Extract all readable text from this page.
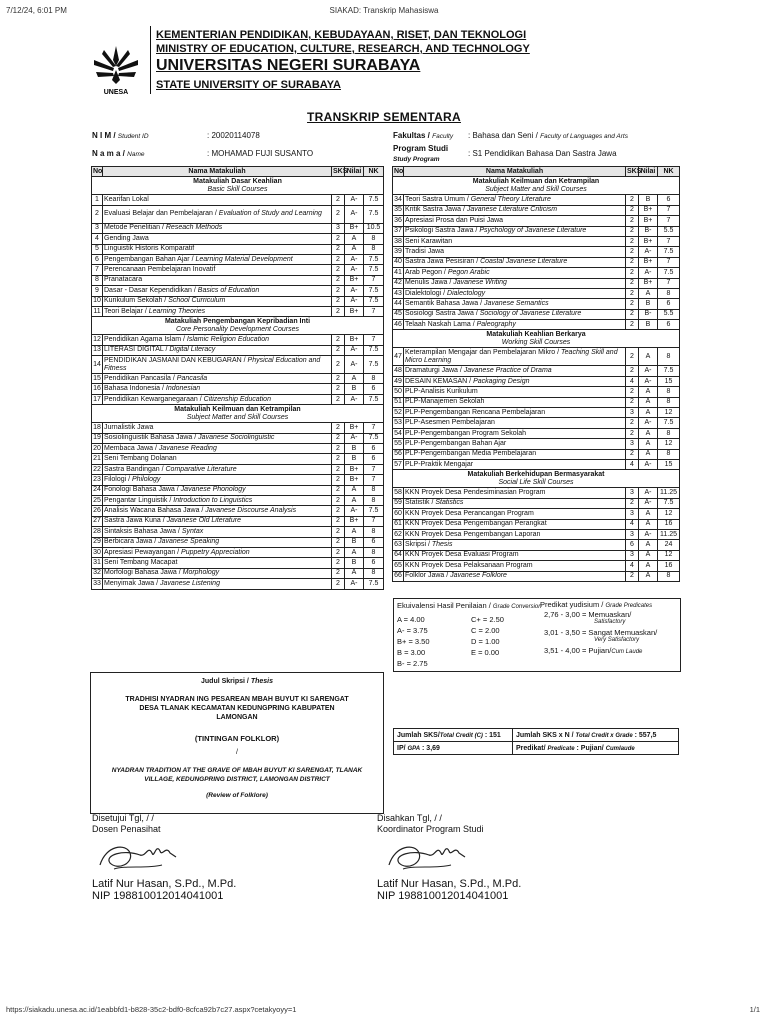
7/12/24, 6:01 PM	SIAKAD: Transkrip Mahasiswa
UNESA
KEMENTERIAN PENDIDIKAN, KEBUDAYAAN, RISET, DAN TEKNOLOGI
MINISTRY OF EDUCATION, CULTURE, RESEARCH, AND TECHNOLOGY
UNIVERSITAS NEGERI SURABAYA
STATE UNIVERSITY OF SURABAYA
TRANSKRIP SEMENTARA
N I M / Student ID	: 20020114078
N a m a / Name	: MOHAMAD FUJI SUSANTO
Fakultas / Faculty : Bahasa dan Seni / Faculty of Languages and Arts
Program Studi
Study Program
: S1 Pendidikan Bahasa Dan Sastra Jawa
No	Nama Matakuliah	SKS	Nilai	NK

Matakuliah Dasar Keahlian
Basic Skill Courses				

1	Kearifan Lokal	2	A-	7.5
2	Evaluasi Belajar dan Pembelajaran / Evaluation of Study and Learning	2	A-	7.5
3	Metode Penelitian / Reseach Methods	3	B+	10.5
4	Gending Jawa	2	A	8
5	Linguistik Historis Komparatif	2	A	8
6	Pengembangan Bahan Ajar / Learning Material Development	2	A-	7.5
7	Perencanaan Pembelajaran Inovatif	2	A-	7.5
8	Pranatacara	2	B+	7
9	Dasar - Dasar Kependidikan / Basics of Education	2	A-	7.5
10	Kurikulum Sekolah / School Curriculum	2	A-	7.5
11	Teori Belajar / Learning Theories	2	B+	7

Matakuliah Pengembangan Kepribadian Inti
Core Personality Development Courses				

12	Pendidikan Agama Islam / Islamic Religion Education	2	B+	7
13	LITERASI DIGITAL / Digital Literacy	2	A-	7.5
14	PENDIDIKAN JASMANI DAN KEBUGARAN / Physical Education and Fitness	2	A-	7.5
15	Pendidikan Pancasila / Pancasila	2	A	8
16	Bahasa Indonesia / Indonesian	2	B	6
17	Pendidikan Kewarganegaraan / Citizenship Education	2	A-	7.5

Matakuliah Keilmuan dan Ketrampilan
Subject Matter and Skill Courses				

18	Jurnalistik Jawa	2	B+	7
19	Sosiolinguistik Bahasa Jawa / Javanese Sociolinguistic	2	A-	7.5
20	Membaca Jawa / Javanese Reading	2	B	6
21	Seni Tembang Dolanan	2	B	6
22	Sastra Bandingan / Comparative Literature	2	B+	7
23	Filologi / Philology	2	B+	7
24	Fonologi Bahasa Jawa / Javanese Phonology	2	A	8
25	Pengantar Linguistik / Introduction to Linguistics	2	A	8
26	Analisis Wacana Bahasa Jawa / Javanese Discourse Analysis	2	A-	7.5
27	Sastra Jawa Kuna / Javanese Old Literature	2	B+	7
28	Sintaksis Bahasa Jawa / Syntax	2	A	8
29	Berbicara Jawa / Javanese Speaking	2	B	6
30	Apresiasi Pewayangan / Puppetry Appreciation	2	A	8
31	Seni Tembang Macapat	2	B	6
32	Morfologi Bahasa Jawa / Morphology	2	A	8
33	Menyimak Jawa / Javanese Listening	2	A-	7.5
No	Nama Matakuliah	SKS	Nilai	NK

Matakuliah Keilmuan dan Ketrampilan
Subject Matter and Skill Courses				

34	Teori Sastra Umum / General Theory Literature	2	B	6
35	Kritik Sastra Jawa / Javanese Literature Criticism	2	B+	7
36	Apresiasi Prosa dan Puisi Jawa	2	B+	7
37	Psikologi Sastra Jawa / Psychology of Javanese Literature	2	B-	5.5
38	Seni Karawitan	2	B+	7
39	Tradisi Jawa	2	A-	7.5
40	Sastra Jawa Pesisiran / Coastal Javanese Literature	2	B+	7
41	Arab Pegon / Pegon Arabic	2	A-	7.5
42	Menulis Jawa / Javanese Writing	2	B+	7
43	Dialektologi / Dialectology	2	A	8
44	Semantik Bahasa Jawa / Javanese Semantics	2	B	6
45	Sosiologi Sastra Jawa / Sociology of Javanese Literature	2	B-	5.5
46	Telaah Naskah Lama / Paleography	2	B	6

Matakuliah Keahlian Berkarya
Working Skill Courses				

47	Keterampilan Mengajar dan Pembelajaran Mikro / Teaching Skill and Micro Learning	2	A	8
48	Dramaturgi Jawa / Javanese Practice of Drama	2	A-	7.5
49	DESAIN KEMASAN / Packaging Design	4	A-	15
50	PLP-Analisis Kurikulum	2	A	8
51	PLP-Manajemen Sekolah	2	A	8
52	PLP-Pengembangan Rencana Pembelajaran	3	A	12
53	PLP-Asesmen Pembelajaran	2	A-	7.5
54	PLP-Pengembangan Program Sekolah	2	A	8
55	PLP-Pengembangan Bahan Ajar	3	A	12
56	PLP-Pengembangan Media Pembelajaran	2	A	8
57	PLP-Praktik Mengajar	4	A-	15

Matakuliah Berkehidupan Bermasyarakat
Social Life Skill Courses				

58	KKN Proyek Desa Pendesiminasian Program	3	A-	11.25
59	Statistik / Statistics	2	A-	7.5
60	KKN Proyek Desa Perancangan Program	3	A	12
61	KKN Proyek Desa Pengembangan Perangkat	4	A	16
62	KKN Proyek Desa Pengembangan Laporan	3	A-	11.25
63	Skripsi / Thesis	6	A	24
64	KKN Proyek Desa Evaluasi Program	3	A	12
65	KKN Proyek Desa Pelaksanaan Program	4	A	16
66	Folklor Jawa / Javanese Folklore	2	A	8
Ekuivalensi Hasil Penilaian / Grade Conversion
A = 4.00
A- = 3.75
B+ = 3.50
B = 3.00
B- = 2.75
C+ = 2.50
C = 2.00
D = 1.00
E = 0.00
Predikat yudisium / Grade Predicates
2,76 - 3,00 = Memuaskan/
Satisfactory
3,01 - 3,50 = Sangat Memuaskan/
Very Satisfactory
3,51 - 4,00 = Pujian/Cum Laude
Judul Skripsi / Thesis
TRADHISI NYADRAN ING PESAREAN MBAH BUYUT KI SARENGAT DESA TLANAK KECAMATAN KEDUNGPRING KABUPATEN LAMONGAN
(TINTINGAN FOLKLOR)
/
NYADRAN TRADITION AT THE GRAVE OF MBAH BUYUT KI SARENGAT, TLANAK VILLAGE, KEDUNGPRING DISTRICT, LAMONGAN DISTRICT
(Review of Folklore)
Jumlah SKS/Total Credit (C) : 151	Jumlah SKS x N / Total Credit x Grade : 557,5
IP/ GPA : 3,69	Predikat/ Predicate : Pujian/ Cumlaude
Disetujui Tgl, / /
Dosen Penasihat
Latif Nur Hasan, S.Pd., M.Pd.
NIP 198810012014041001
Disahkan Tgl, / /
Koordinator Program Studi
Latif Nur Hasan, S.Pd., M.Pd.
NIP 198810012014041001
https://siakadu.unesa.ac.id/1eabbfd1-b828-35c2-bdf0-8cfca92b7c27.aspx?cetakyoyy=1	1/1
